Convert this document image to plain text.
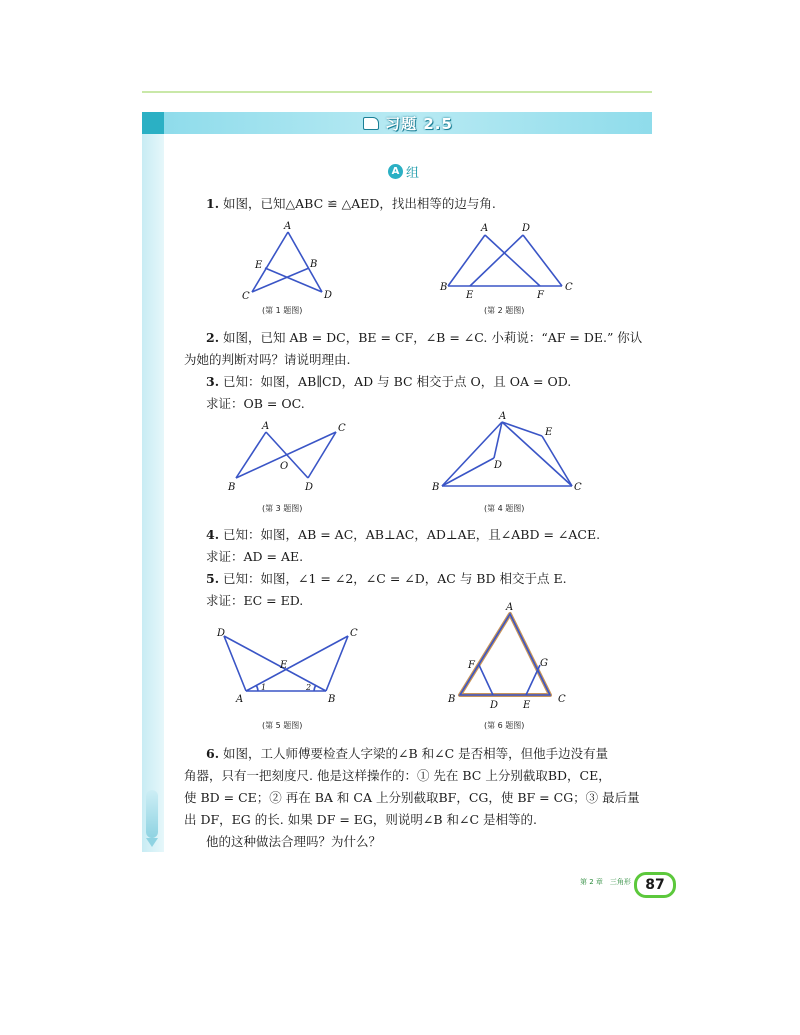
习题 2.5
A 组
1. 如图，已知△ABC ≌ △AED，找出相等的边与角.
A
B
C	D
E
(第 1 题图)
A	D
B	C
E	F
(第 2 题图)
2. 如图，已知 AB = DC，BE = CF，∠B = ∠C. 小莉说：“AF = DE.” 你认
为她的判断对吗？请说明理由.
3. 已知：如图，AB∥CD，AD 与 BC 相交于点 O，且 OA = OD.
求证：OB = OC.
A	C
B	D
O
(第 3 题图)
A
E
D
B	C
(第 4 题图)
4. 已知：如图，AB = AC，AB⊥AC，AD⊥AE，且∠ABD = ∠ACE.
求证：AD = AE.
5. 已知：如图，∠1 = ∠2，∠C = ∠D，AC 与 BD 相交于点 E.
求证：EC = ED.
D	C
E
A	B
1	2
(第 5 题图)
A
F	G
B	C
D E
(第 6 题图)
6. 如图，工人师傅要检查人字梁的∠B 和∠C 是否相等，但他手边没有量
角器，只有一把刻度尺. 他是这样操作的：① 先在 BC 上分别截取BD，CE，
使 BD = CE；② 再在 BA 和 CA 上分别截取BF，CG，使 BF = CG；③ 最后量
出 DF，EG 的长. 如果 DF = EG，则说明∠B 和∠C 是相等的.
他的这种做法合理吗？为什么？
第 2 章　三角形	87
